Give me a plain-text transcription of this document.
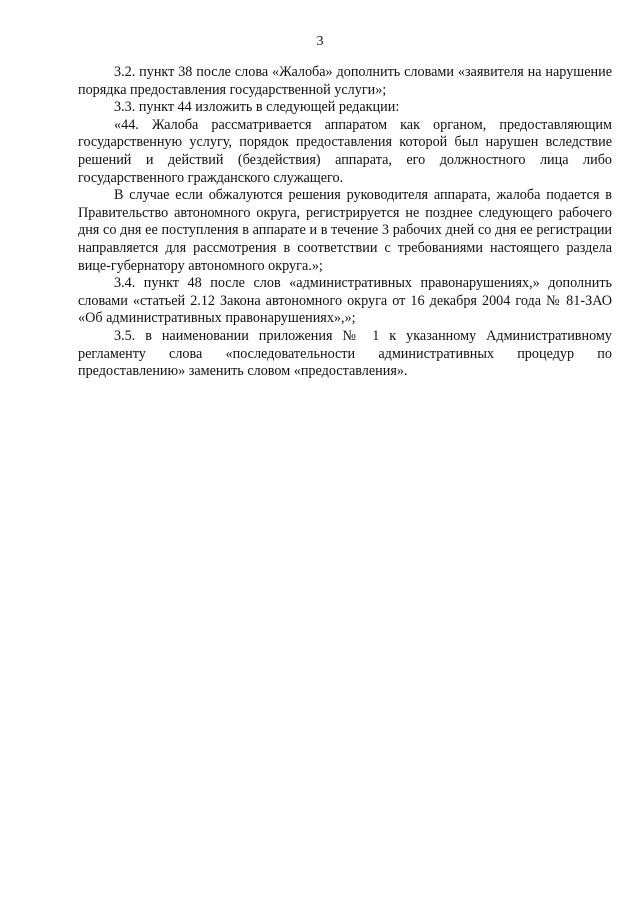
3

3.2. пункт 38 после слова «Жалоба» дополнить словами «заявителя на нарушение порядка предоставления государственной услуги»;

3.3. пункт 44 изложить в следующей редакции:

«44. Жалоба рассматривается аппаратом как органом, предоставляющим государственную услугу, порядок предоставления которой был нарушен вследствие решений и действий (бездействия) аппарата, его должностного лица либо государственного гражданского служащего.

В случае если обжалуются решения руководителя аппарата, жалоба подается в Правительство автономного округа, регистрируется не позднее следующего рабочего дня со дня ее поступления в аппарате и в течение 3 рабочих дней со дня ее регистрации направляется для рассмотрения в соответствии с требованиями настоящего раздела вице-губернатору автономного округа.»;

3.4. пункт 48 после слов «административных правонарушениях,» дополнить словами «статьей 2.12 Закона автономного округа от 16 декабря 2004 года № 81-ЗАО «Об административных правонарушениях»,»;

3.5. в наименовании приложения № 1 к указанному Административному регламенту слова «последовательности административных процедур по предоставлению» заменить словом «предоставления».
